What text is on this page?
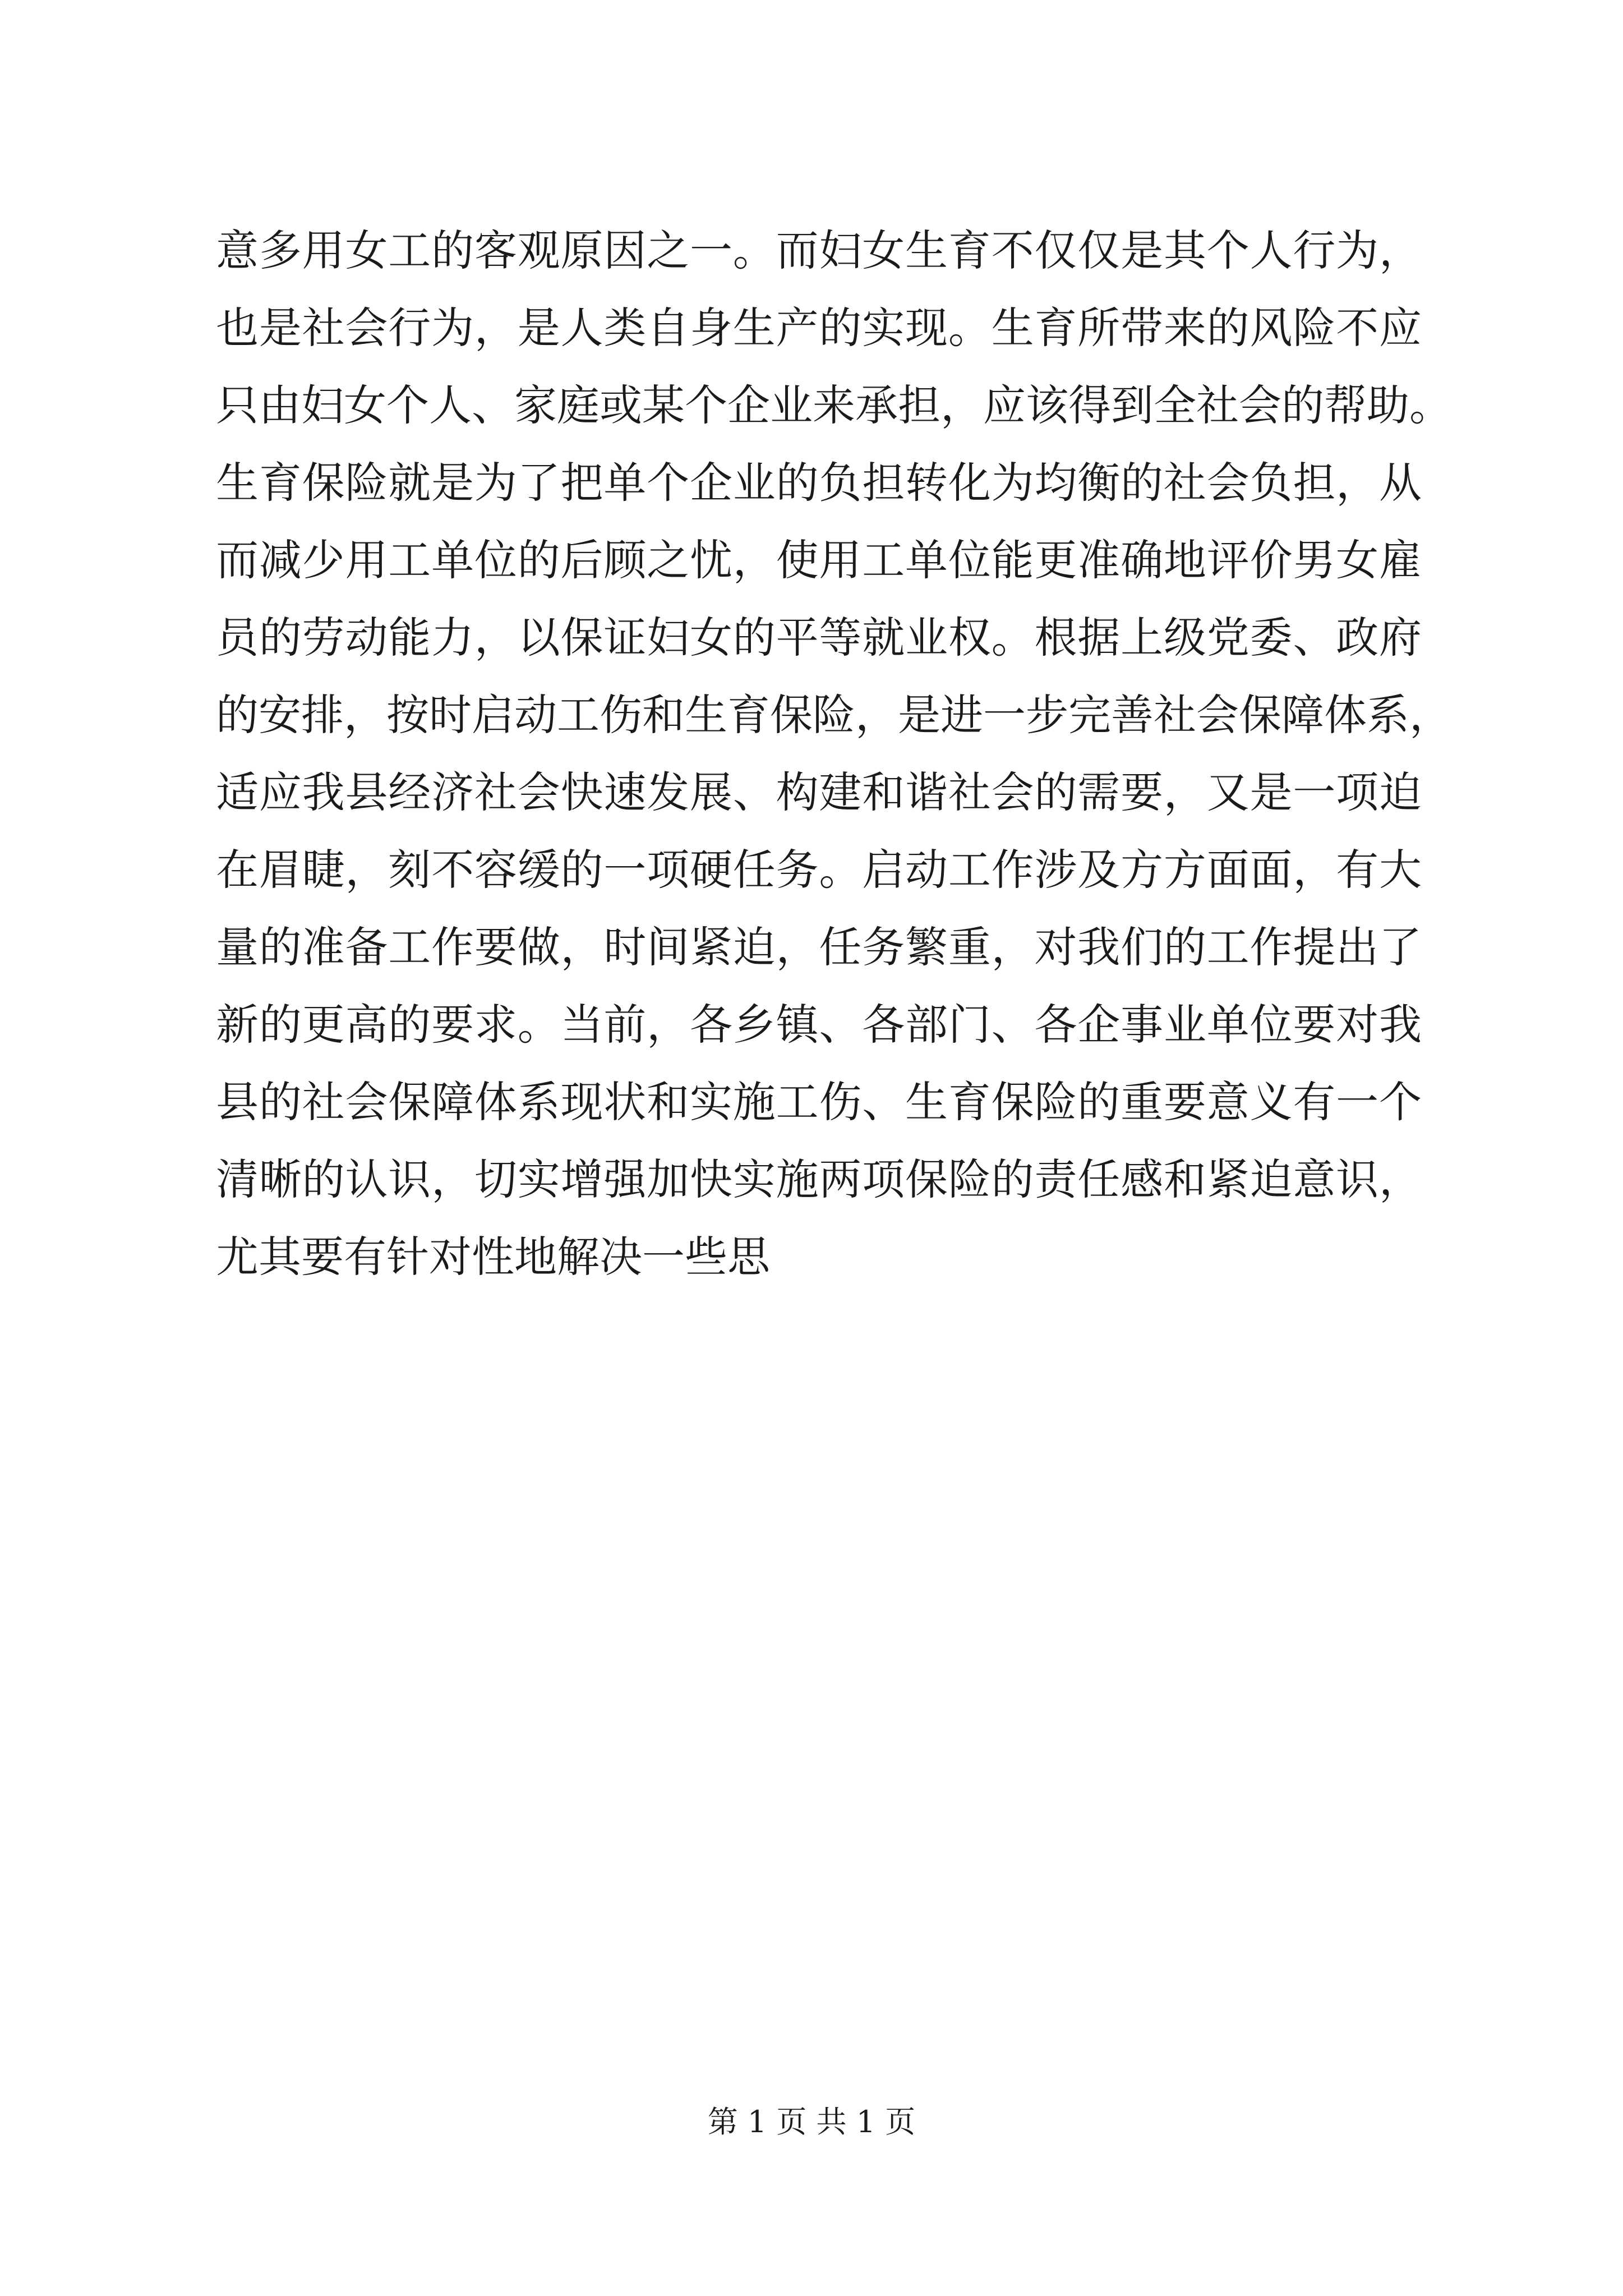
意多用女工的客观原因之一。而妇女生育不仅仅是其个人行为，
也是社会行为，是人类自身生产的实现。生育所带来的风险不应
只由妇女个人、家庭或某个企业来承担，应该得到全社会的帮助。
生育保险就是为了把单个企业的负担转化为均衡的社会负担，从
而减少用工单位的后顾之忧，使用工单位能更准确地评价男女雇
员的劳动能力，以保证妇女的平等就业权。根据上级党委、政府
的安排，按时启动工伤和生育保险，是进一步完善社会保障体系，
适应我县经济社会快速发展、构建和谐社会的需要，又是一项迫
在眉睫，刻不容缓的一项硬任务。启动工作涉及方方面面，有大
量的准备工作要做，时间紧迫，任务繁重，对我们的工作提出了
新的更高的要求。当前，各乡镇、各部门、各企事业单位要对我
县的社会保障体系现状和实施工伤、生育保险的重要意义有一个
清晰的认识，切实增强加快实施两项保险的责任感和紧迫意识，
尤其要有针对性地解决一些思
第 1 页 共 1 页
